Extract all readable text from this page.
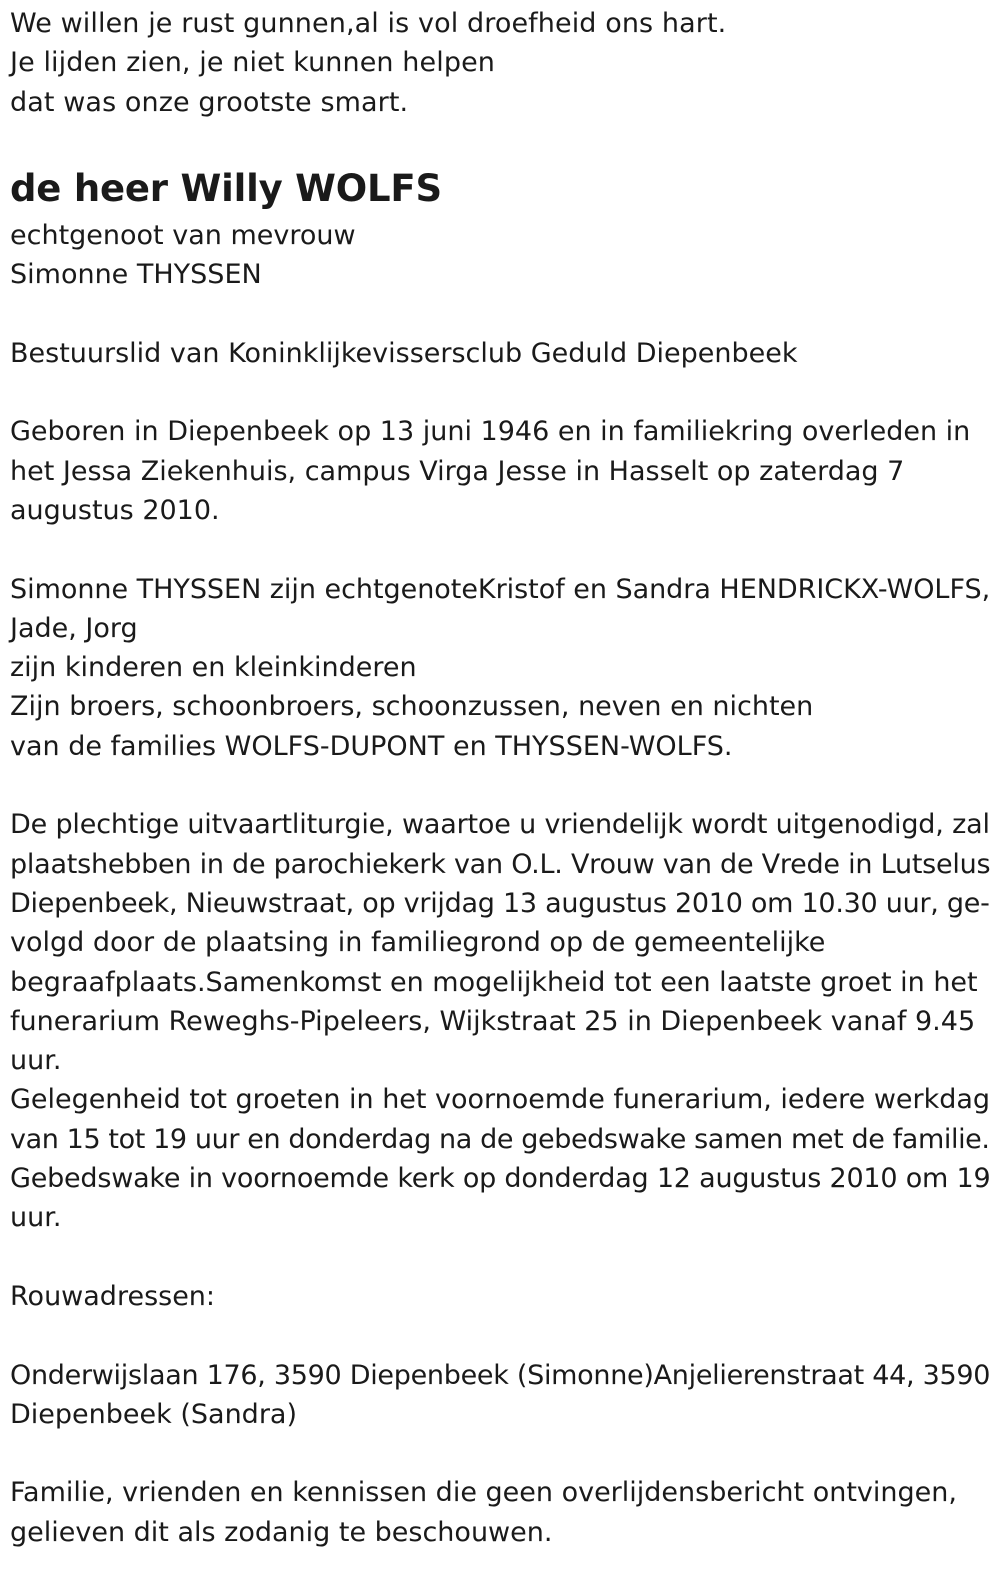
We willen je rust gunnen,al is vol droefheid ons hart.
Je lijden zien, je niet kunnen helpen
dat was onze grootste smart.
de heer Willy WOLFS
echtgenoot van mevrouw
Simonne THYSSEN
Bestuurslid van Koninklijkevissersclub Geduld Diepenbeek
Geboren in Diepenbeek op 13 juni 1946 en in familiekring overleden in
het Jessa Ziekenhuis, campus Virga Jesse in Hasselt op zaterdag 7
augustus 2010.
Simonne THYSSEN zijn echtgenoteKristof en Sandra HENDRICKX-WOLFS,
Jade, Jorg
zijn kinderen en kleinkinderen
Zijn broers, schoonbroers, schoonzussen, neven en nichten
van de families WOLFS-DUPONT en THYSSEN-WOLFS.
De plechtige uitvaartliturgie, waartoe u vriendelijk wordt uitgenodigd, zal
plaatshebben in de parochiekerk van O.L. Vrouw van de Vrede in Lutselus
Diepenbeek, Nieuwstraat, op vrijdag 13 augustus 2010 om 10.30 uur, ge-
volgd door de plaatsing in familiegrond op de gemeentelijke
begraafplaats.Samenkomst en mogelijkheid tot een laatste groet in het
funerarium Reweghs-Pipeleers, Wijkstraat 25 in Diepenbeek vanaf 9.45
uur.
Gelegenheid tot groeten in het voornoemde funerarium, iedere werkdag
van 15 tot 19 uur en donderdag na de gebedswake samen met de familie.
Gebedswake in voornoemde kerk op donderdag 12 augustus 2010 om 19
uur.
Rouwadressen:
Onderwijslaan 176, 3590 Diepenbeek (Simonne)Anjelierenstraat 44, 3590
Diepenbeek (Sandra)
Familie, vrienden en kennissen die geen overlijdensbericht ontvingen,
gelieven dit als zodanig te beschouwen.
